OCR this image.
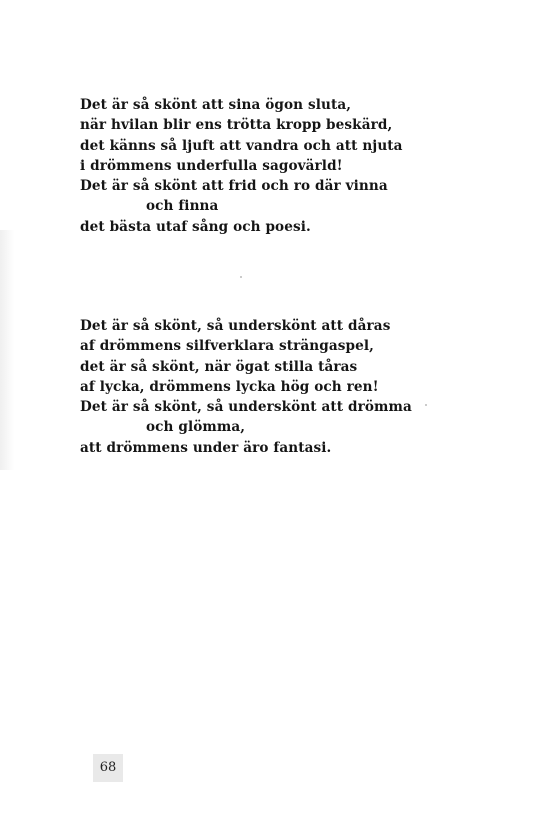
Det är så skönt att sina ögon sluta,
när hvilan blir ens trötta kropp beskärd,
det känns så ljuft att vandra och att njuta
i drömmens underfulla sagovärld!
Det är så skönt att frid och ro där vinna
och finna
det bästa utaf sång och poesi.
Det är så skönt, så underskönt att dåras
af drömmens silfverklara strängaspel,
det är så skönt, när ögat stilla tåras
af lycka, drömmens lycka hög och ren!
Det är så skönt, så underskönt att drömma
och glömma,
att drömmens under äro fantasi.
68
